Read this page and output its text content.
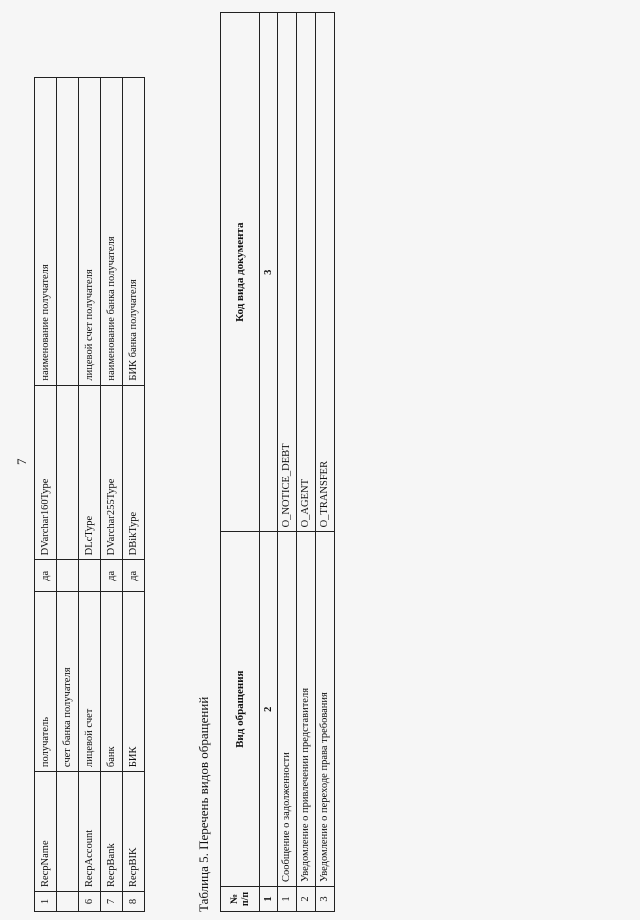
7
1	RecpName	получатель	да	DVarchar160Type	наименование получателя
		счет банка получателя			
6	RecpAccount	лицевой счет		DLcType	лицевой счет получателя
7	RecpBank	банк	да	DVarchar255Type	наименование банка получателя
8	RecpBIK	БИК	да	DBikType	БИК банка получателя
Таблица 5. Перечень видов обращений № п/п	Вид обращения	Код вида документа
1	2	3
1	Сообщение о задолженности	O_NOTICE_DEBT
2	Уведомление о привлечении представителя	O_AGENT
3	Уведомление о переходе права требования	O_TRANSFER
